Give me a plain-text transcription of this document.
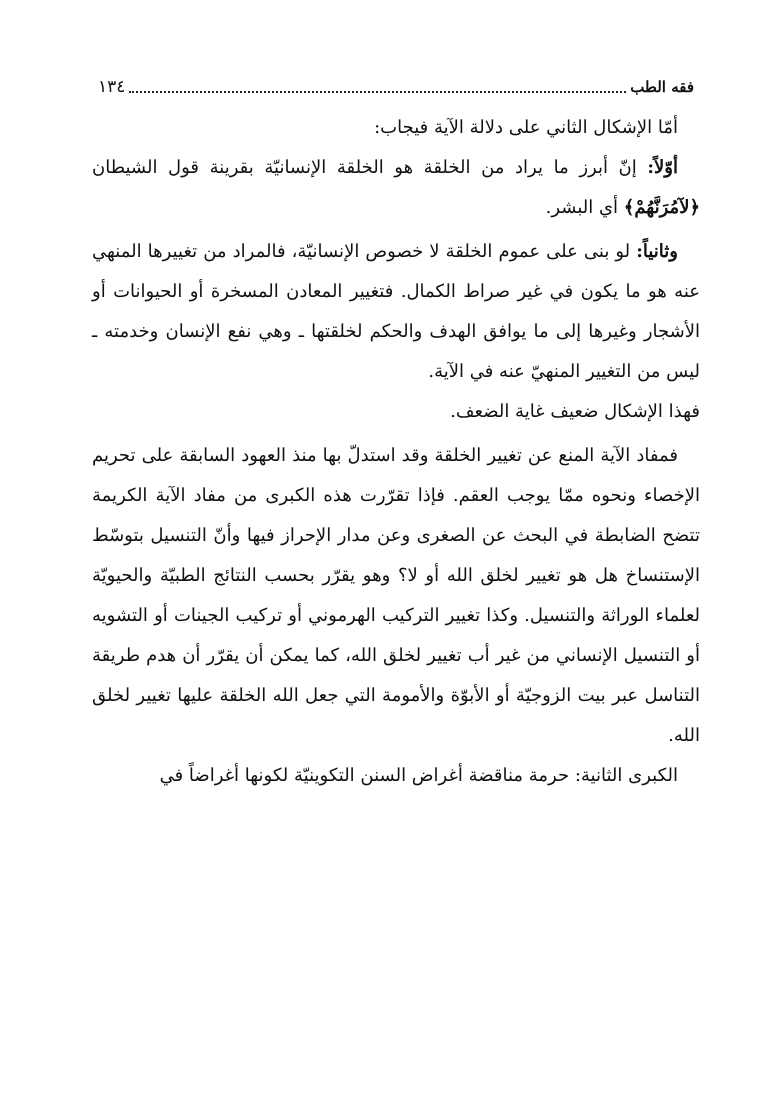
فقه الطب
١٣٤

أمّا الإشكال الثاني على دلالة الآية فيجاب:

أوّلاً: إنّ أبرز ما يراد من الخلقة هو الخلقة الإنسانيّة بقرينة قول الشيطان ﴿لآمُرَنَّهُمْ﴾ أي البشر.

وثانياً: لو بنى على عموم الخلقة لا خصوص الإنسانيّة، فالمراد من تغييرها المنهي عنه هو ما يكون في غير صراط الكمال. فتغيير المعادن المسخرة أو الحيوانات أو الأشجار وغيرها إلى ما يوافق الهدف والحكم لخلقتها ـ وهي نفع الإنسان وخدمته ـ ليس من التغيير المنهيّ عنه في الآية.

فهذا الإشكال ضعيف غاية الضعف.

فمفاد الآية المنع عن تغيير الخلقة وقد استدلّ بها منذ العهود السابقة على تحريم الإخصاء ونحوه ممّا يوجب العقم. فإذا تقرّرت هذه الكبرى من مفاد الآية الكريمة تتضح الضابطة في البحث عن الصغرى وعن مدار الإحراز فيها وأنّ التنسيل بتوسّط الإستنساخ هل هو تغيير لخلق الله أو لا؟ وهو يقرّر بحسب النتائج الطبيّة والحيويّة لعلماء الوراثة والتنسيل. وكذا تغيير التركيب الهرموني أو تركيب الجينات أو التشويه أو التنسيل الإنساني من غير أب تغيير لخلق الله، كما يمكن أن يقرّر أن هدم طريقة التناسل عبر بيت الزوجيّة أو الأبوّة والأمومة التي جعل الله الخلقة عليها تغيير لخلق الله.

الكبرى الثانية: حرمة مناقضة أغراض السنن التكوينيّة لكونها أغراضاً في
